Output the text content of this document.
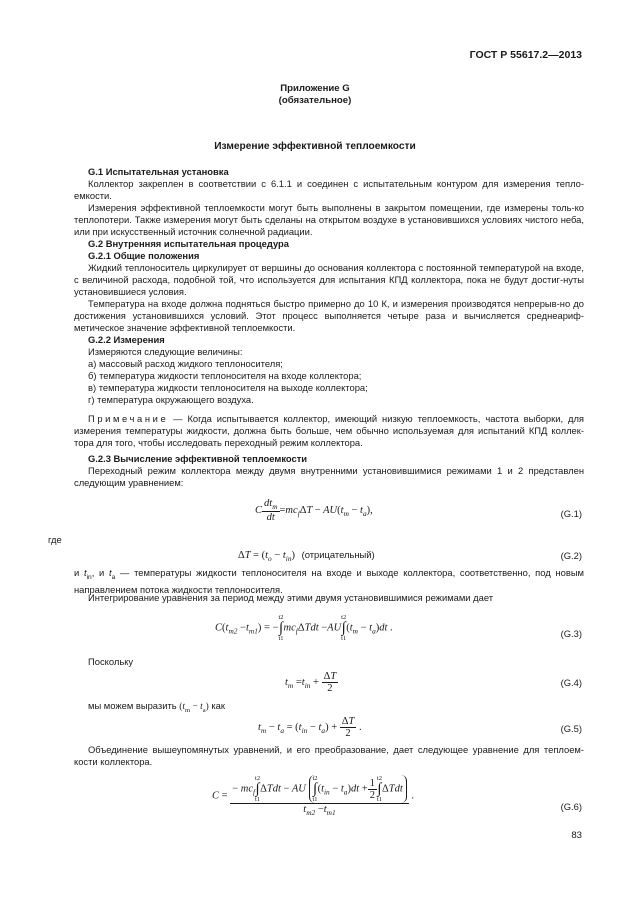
ГОСТ Р 55617.2—2013
Приложение G
(обязательное)
Измерение эффективной теплоемкости
G.1 Испытательная установка
Коллектор закреплен в соответствии с 6.1.1 и соединен с испытательным контуром для измерения тепло-емкости.
Измерения эффективной теплоемкости могут быть выполнены в закрытом помещении, где измерены толь-ко теплопотери. Также измерения могут быть сделаны на открытом воздухе в установившихся условиях чистого неба, или при искусственный источник солнечной радиации.
G.2 Внутренняя испытательная процедура
G.2.1 Общие положения
Жидкий теплоноситель циркулирует от вершины до основания коллектора с постоянной температурой на входе, с величиной расхода, подобной той, что используется для испытания КПД коллектора, пока не будут достиг-нуты установившиеся условия.
Температура на входе должна подняться быстро примерно до 10 К, и измерения производятся непрерыв-но до достижения установившихся условий. Этот процесс выполняется четыре раза и вычисляется среднеариф-метическое значение эффективной теплоемкости.
G.2.2 Измерения
Измеряются следующие величины:
а) массовый расход жидкого теплоносителя;
б) температура жидкости теплоносителя на входе коллектора;
в) температура жидкости теплоносителя на выходе коллектора;
г) температура окружающего воздуха.
Примечание — Когда испытывается коллектор, имеющий низкую теплоемкость, частота выборки, для измерения температуры жидкости, должна быть больше, чем обычно используемая для испытаний КПД коллек-тора для того, чтобы исследовать переходный режим коллектора.
G.2.3 Вычисление эффективной теплоемкости
Переходный режим коллектора между двумя внутренними установившимися режимами 1 и 2 представлен следующим уравнением:
C $\frac{dt_m}{dt} =mc_f\Delta T - AU(t_m - t_a)$,	(G.1)
где
$\Delta T = (t_o - t_{in})$ (отрицательный)	(G.2)
и $t_{in}$, и $t_a$ — температуры жидкости теплоносителя на входе и выходе коллектора, соответственно, под новым направлением потока жидкости теплоносителя.
Интегрирование уравнения за период между этими двумя установившимися режимами дает
$C(t_{m2} -t_{m1})$ = −
t2
∫
t1
$mc_f\Delta Tdt -AU$
t2
∫
t1
$(t_m - t_a)dt$ .
(G.3)
Поскольку
$t_m =t_{in} + \frac{\Delta T}{2}$	(G.4)
мы можем выразить $(t_m - t_a)$ как
$t_m - t_a = (t_{in} - t_a) + \frac{\Delta T}{2}$ .	(G.5)
Объединение вышеупомянутых уравнений, и его преобразование, дает следующее уравнение для теплоем-кости коллектора.
C =
− $mc_f$
t2
∫
t1
ΔTdt − AU
t2
∫
t1
$(t_{in} - t_a)dt + \frac{1}{2} t2$
∫
t1
ΔTdt
$t_{m2} -t_{m1}$
.
(G.6)
83
